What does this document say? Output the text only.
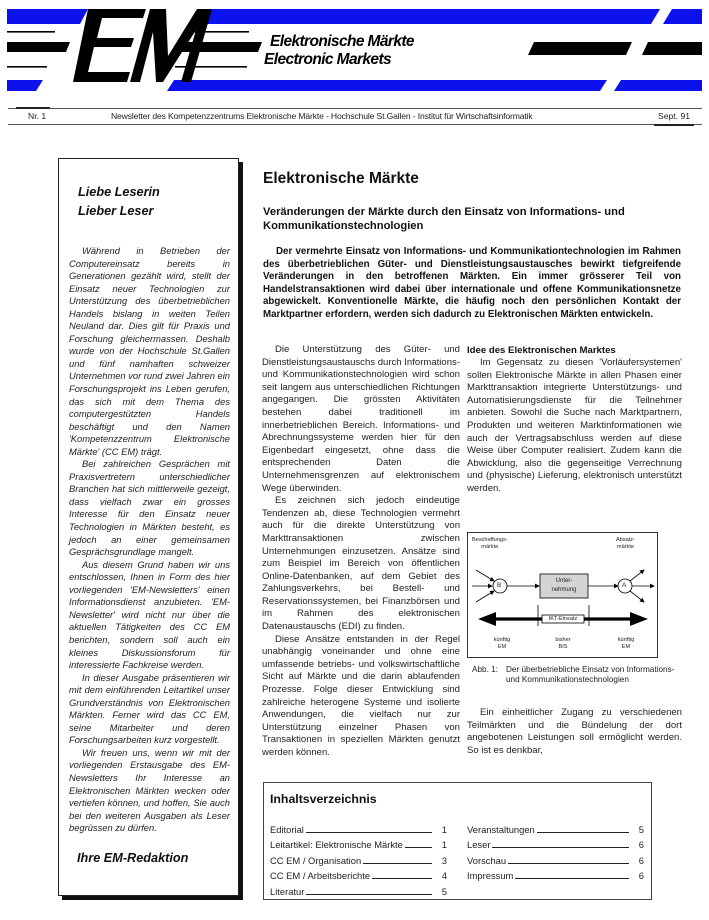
Elektronische Märkte
Electronic Markets
Nr. 1	Newsletter des Kompetenzzentrums Elektronische Märkte - Hochschule St.Gallen - Institut für Wirtschaftsinformatik	Sept. 91
Liebe Leserin
Lieber Leser

Während in Betrieben der Computereinsatz bereits in Generationen gezählt wird, stellt der Einsatz neuer Technologien zur Unterstützung des überbetrieblichen Handels bislang in weiten Teilen Neuland dar. Dies gilt für Praxis und Forschung gleichermassen. Deshalb wurde von der Hochschule St.Gallen und fünf namhaften schweizer Unternehmen vor rund zwei Jahren ein Forschungsprojekt ins Leben gerufen, das sich mit dem Thema des computergestützten Handels beschäftigt und den Namen 'Kompetenzzentrum Elektronische Märkte' (CC EM) trägt.

Bei zahlreichen Gesprächen mit Praxisvertretern unterschiedlicher Branchen hat sich mittlerweile gezeigt, dass vielfach zwar ein grosses Interesse für den Einsatz neuer Technologien in Märkten besteht, es jedoch an einer gemeinsamen Gesprächsgrundlage mangelt.

Aus diesem Grund haben wir uns entschlossen, Ihnen in Form des hier vorliegenden 'EM-Newsletters' einen Informationsdienst anzubieten. 'EM-Newsletter' wird nicht nur über die aktuellen Tätigkeiten des CC EM berichten, sondern soll auch ein kleines Diskussionsforum für interessierte Fachkreise werden.

In dieser Ausgabe präsentieren wir mit dem einführenden Leitartikel unser Grundverständnis von Elektronischen Märkten. Ferner wird das CC EM, seine Mitarbeiter und deren Forschungsarbeiten kurz vorgestellt.

Wir freuen uns, wenn wir mit der vorliegenden Erstausgabe des EM-Newsletters Ihr Interesse an Elektronischen Märkten wecken oder vertiefen können, und hoffen, Sie auch bei den weiteren Ausgaben als Leser begrüssen zu dürfen.

Ihre EM-Redaktion
Elektronische Märkte
Veränderungen der Märkte durch den Einsatz von Informations- und Kommunikationstechnologien

Der vermehrte Einsatz von Informations- und Kommunikationtechnologien im Rahmen des überbetrieblichen Güter- und Dienstleistungsaustausches bewirkt tiefgreifende Veränderungen in den betroffenen Märkten. Ein immer grösserer Teil von Handelstransaktionen wird dabei über internationale und offene Kommunikationsnetze abgewickelt. Konventionelle Märkte, die häufig noch den persönlichen Kontakt der Marktpartner erfordern, werden sich dadurch zu Elektronischen Märkten entwickeln.

Die Unterstützung des Güter- und Dienstleistungsaustauschs durch Informations- und Kommunikationstechnologien wird schon seit langem aus unterschiedlichen Richtungen angegangen. Die grössten Aktivitäten bestehen dabei traditionell im innerbetrieblichen Bereich. Informations- und Abrechnungssysteme werden hier für den Eigenbedarf eingesetzt, ohne dass die entsprechenden Daten die Unternehmensgrenzen auf elektronischem Wege überwinden.

Es zeichnen sich jedoch eindeutige Tendenzen ab, diese Technologien vermehrt auch für die direkte Unterstützung von Markttransaktionen zwischen Unternehmungen einzusetzen. Ansätze sind zum Beispiel im Bereich von öffentlichen Online-Datenbanken, auf dem Gebiet des Zahlungsverkehrs, bei Bestell- und Reservationssystemen, bei Finanzbörsen und im Rahmen des elektronischen Datenaustauschs (EDI) zu finden.

Diese Ansätze entstanden in der Regel unabhängig voneinander und ohne eine umfassende betriebs- und volkswirtschaftliche Sicht auf Märkte und die darin ablaufenden Prozesse. Folge dieser Entwicklung sind zahlreiche heterogene Systeme und isolierte Anwendungen, die vielfach nur zur Unterstützung einzelner Phasen von Transaktionen in speziellen Märkten genutzt werden können.

Idee des Elektronischen Marktes

Im Gegensatz zu diesen 'Vorläufersystemen' sollen Elektronische Märkte in allen Phasen einer Markttransaktion integrierte Unterstützungs- und Automatisierungsdienste für die Teilnehmer anbieten. Sowohl die Suche nach Marktpartnern, Produkten und weiteren Marktinformationen wie auch der Vertragsabschluss werden auf diese Weise über Computer realisiert. Zudem kann die Abwicklung, also die gegenseitige Verrechnung und (physische) Lieferung, elektronisch unterstützt werden.

Beschaffungs-
märkte
Absatz-
märkte
B	A
Unter-
nehmung
IKT-Einsatz
künftig
EM
bisher
BIS
künftig
EM
Abb. 1: Der überbetriebliche Einsatz von Informations- und Kommunikationstechnologien

Ein einheitlicher Zugang zu verschiedenen Teilmärkten und die Bündelung der dort angebotenen Leistungen soll ermöglicht werden. So ist es denkbar,

Inhaltsverzeichnis
Editorial	1
Leitartikel: Elektronische Märkte	1
CC EM / Organisation	3
CC EM / Arbeitsberichte	4
Literatur	5
Veranstaltungen	5
Leser	6
Vorschau	6
Impressum	6
